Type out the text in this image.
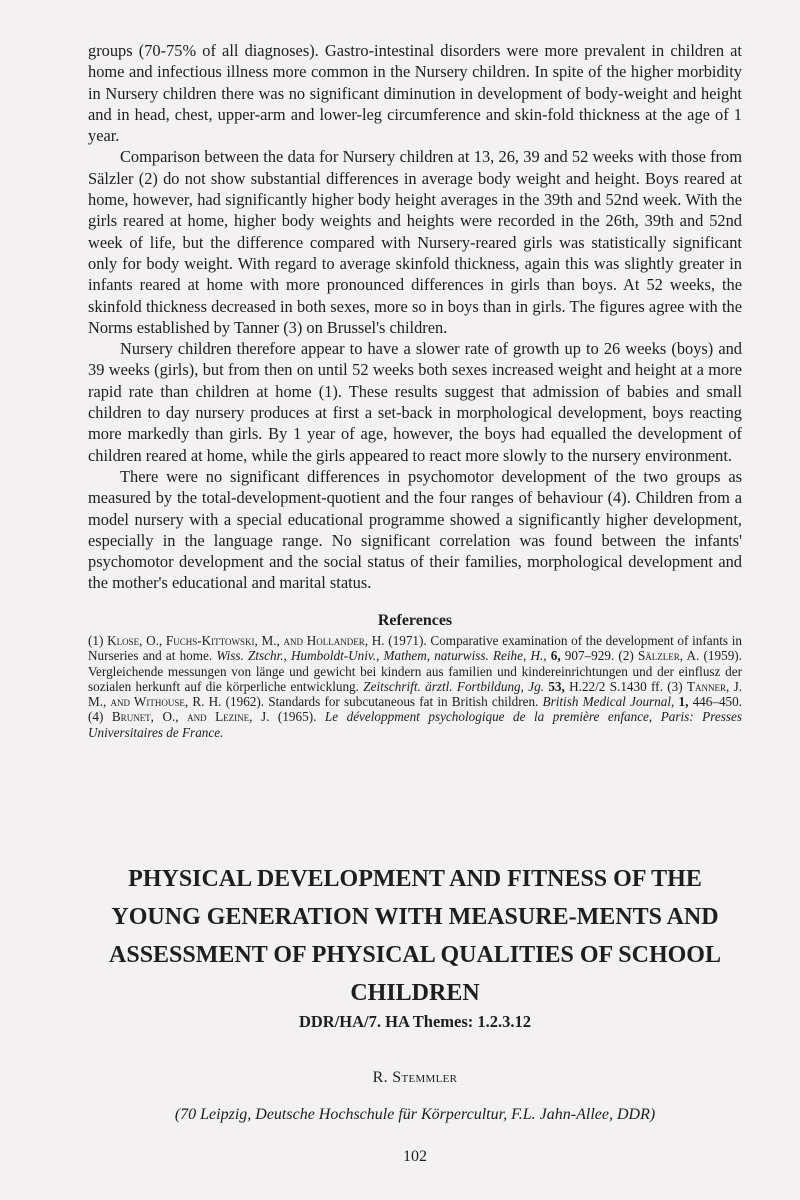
groups (70-75% of all diagnoses). Gastro-intestinal disorders were more prevalent in children at home and infectious illness more common in the Nursery children. In spite of the higher morbidity in Nursery children there was no significant diminution in development of body-weight and height and in head, chest, upper-arm and lower-leg circumference and skin-fold thickness at the age of 1 year.

Comparison between the data for Nursery children at 13, 26, 39 and 52 weeks with those from Sälzler (2) do not show substantial differences in average body weight and height. Boys reared at home, however, had significantly higher body height averages in the 39th and 52nd week. With the girls reared at home, higher body weights and heights were recorded in the 26th, 39th and 52nd week of life, but the difference compared with Nursery-reared girls was statistically significant only for body weight. With regard to average skinfold thickness, again this was slightly greater in infants reared at home with more pronounced differences in girls than boys. At 52 weeks, the skinfold thickness decreased in both sexes, more so in boys than in girls. The figures agree with the Norms established by Tanner (3) on Brussel's children.

Nursery children therefore appear to have a slower rate of growth up to 26 weeks (boys) and 39 weeks (girls), but from then on until 52 weeks both sexes increased weight and height at a more rapid rate than children at home (1). These results suggest that admission of babies and small children to day nursery produces at first a set-back in morphological development, boys reacting more markedly than girls. By 1 year of age, however, the boys had equalled the development of children reared at home, while the girls appeared to react more slowly to the nursery environment.

There were no significant differences in psychomotor development of the two groups as measured by the total-development-quotient and the four ranges of behaviour (4). Children from a model nursery with a special educational programme showed a significantly higher development, especially in the language range. No significant correlation was found between the infants' psychomotor development and the social status of their families, morphological development and the mother's educational and marital status.

References
(1) Klose, O., Fuchs-Kittowski, M., and Hollander, H. (1971). Comparative examination of the development of infants in Nurseries and at home. Wiss. Ztschr., Humboldt-Univ., Mathem, naturwiss. Reihe, H., 6, 907–929. (2) Sälzler, A. (1959). Vergleichende messungen von länge und gewicht bei kindern aus familien und kindereinrichtungen und der einflusz der sozialen herkunft auf die körperliche entwicklung. Zeitschrift. ärztl. Fortbildung, Jg. 53, H.22/2 S.1430 ff. (3) Tanner, J. M., and Withouse, R. H. (1962). Standards for subcutaneous fat in British children. British Medical Journal, 1, 446–450. (4) Brunet, O., and Lezine, J. (1965). Le développment psychologique de la première enfance, Paris: Presses Universitaires de France.
PHYSICAL DEVELOPMENT AND FITNESS OF THE YOUNG GENERATION WITH MEASURE-MENTS AND ASSESSMENT OF PHYSICAL QUALITIES OF SCHOOL CHILDREN
DDR/HA/7. HA Themes: 1.2.3.12
R. Stemmler
(70 Leipzig, Deutsche Hochschule für Körpercultur, F.L. Jahn-Allee, DDR)
102
